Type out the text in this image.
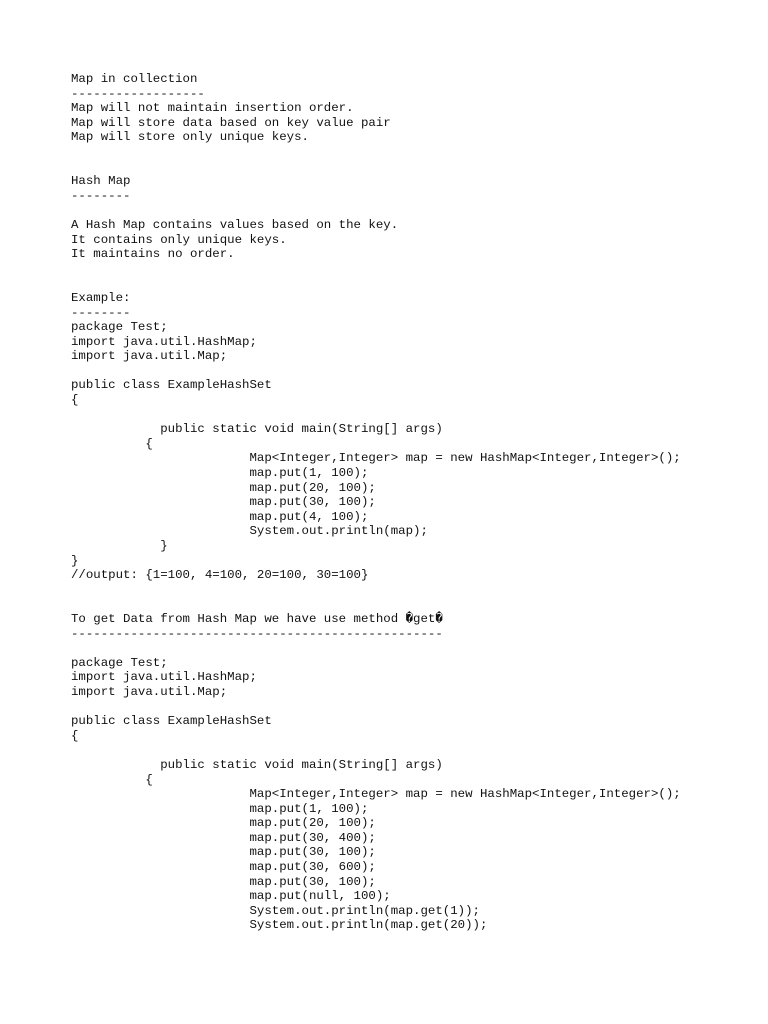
Map in collection
------------------
Map will not maintain insertion order.
Map will store data based on key value pair
Map will store only unique keys.
Hash Map
--------
A Hash Map contains values based on the key.
It contains only unique keys.
It maintains no order.
Example:
--------
package Test;
import java.util.HashMap;
import java.util.Map;
public class ExampleHashSet
{
public static void main(String[] args)
{
Map<Integer,Integer> map = new HashMap<Integer,Integer>();
map.put(1, 100);
map.put(20, 100);
map.put(30, 100);
map.put(4, 100);
System.out.println(map);
}
}
//output: {1=100, 4=100, 20=100, 30=100}
To get Data from Hash Map we have use method �get�
--------------------------------------------------
package Test;
import java.util.HashMap;
import java.util.Map;
public class ExampleHashSet
{
public static void main(String[] args)
{
Map<Integer,Integer> map = new HashMap<Integer,Integer>();
map.put(1, 100);
map.put(20, 100);
map.put(30, 400);
map.put(30, 100);
map.put(30, 600);
map.put(30, 100);
map.put(null, 100);
System.out.println(map.get(1));
System.out.println(map.get(20));
